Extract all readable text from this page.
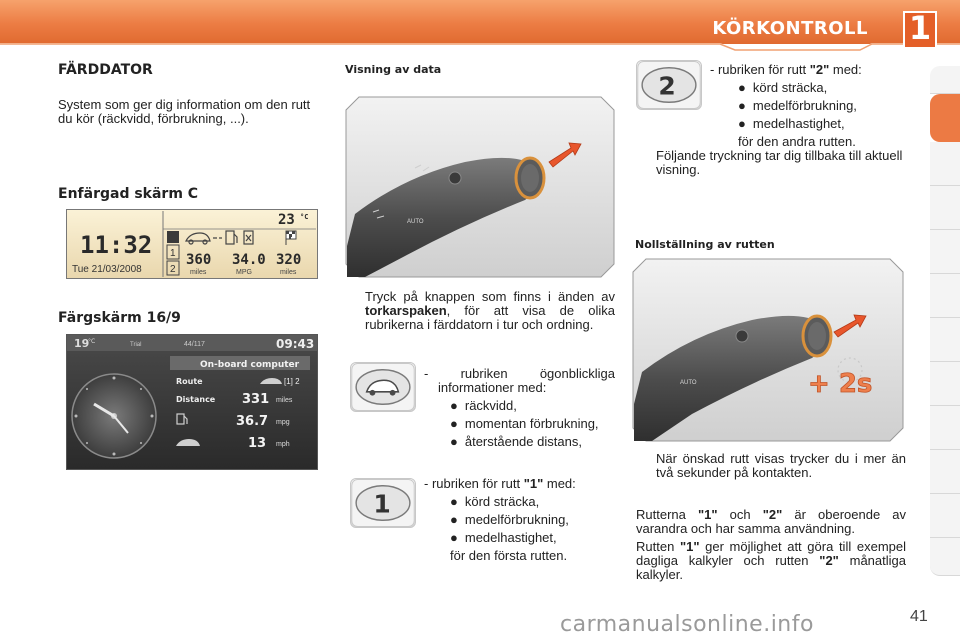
KÖRKONTROLL 1
FÄRDDATOR
System som ger dig information om den rutt du kör (räckvidd, förbrukning, ...).
Enfärgad skärm C
23 °C
11:32
Tue 21/03/2008
1
2
360 34.0 320
miles	MPG	miles
Färgskärm 16/9
19
°C	Trial	44/117	09:43
On-board computer
Route	[1] 2
Distance 331 miles
36.7 mpg
13 mph
Visning av data
AUTO
Tryck på knappen som finns i änden av torkarspaken, för att visa de olika rubrikerna i färddatorn i tur och ordning.
- rubriken ögonblickliga informationer med:
● räckvidd,
● momentan förbrukning,
● återstående distans,
1
- rubriken för rutt "1" med:
● körd sträcka,
● medelförbrukning,
● medelhastighet,
för den första rutten.
2
- rubriken för rutt "2" med:
● körd sträcka,
● medelförbrukning,
● medelhastighet,
för den andra rutten.
Följande tryckning tar dig tillbaka till aktuell visning.
Nollställning av rutten
AUTO	+ 2s
När önskad rutt visas trycker du i mer än två sekunder på kontakten.
Rutterna "1" och "2" är oberoende av varandra och har samma användning.
Rutten "1" ger möjlighet att göra till exempel dagliga kalkyler och rutten "2" månatliga kalkyler.
carmanualsonline.info	41
